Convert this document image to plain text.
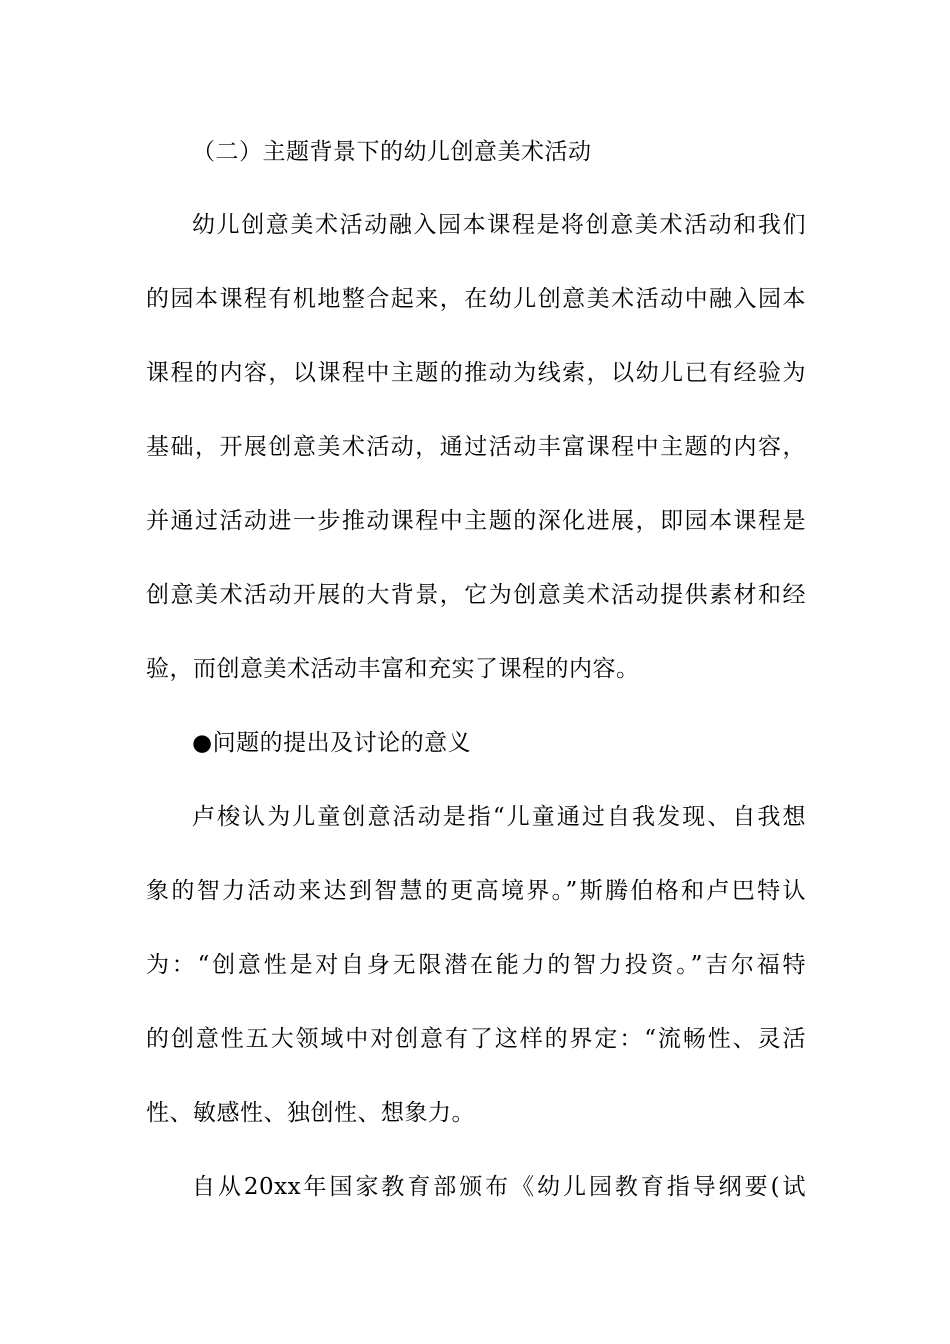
（二）主题背景下的幼儿创意美术活动
幼儿创意美术活动融入园本课程是将创意美术活动和我们
的园本课程有机地整合起来，在幼儿创意美术活动中融入园本
课程的内容，以课程中主题的推动为线索，以幼儿已有经验为
基础，开展创意美术活动，通过活动丰富课程中主题的内容，
并通过活动进一步推动课程中主题的深化进展，即园本课程是
创意美术活动开展的大背景，它为创意美术活动提供素材和经
验，而创意美术活动丰富和充实了课程的内容。
●问题的提出及讨论的意义
卢梭认为儿童创意活动是指“儿童通过自我发现、自我想
象的智力活动来达到智慧的更高境界。”斯腾伯格和卢巴特认
为：“创意性是对自身无限潜在能力的智力投资。”吉尔福特
的创意性五大领域中对创意有了这样的界定：“流畅性、灵活
性、敏感性、独创性、想象力。
自从20xx年国家教育部颁布《幼儿园教育指导纲要(试
